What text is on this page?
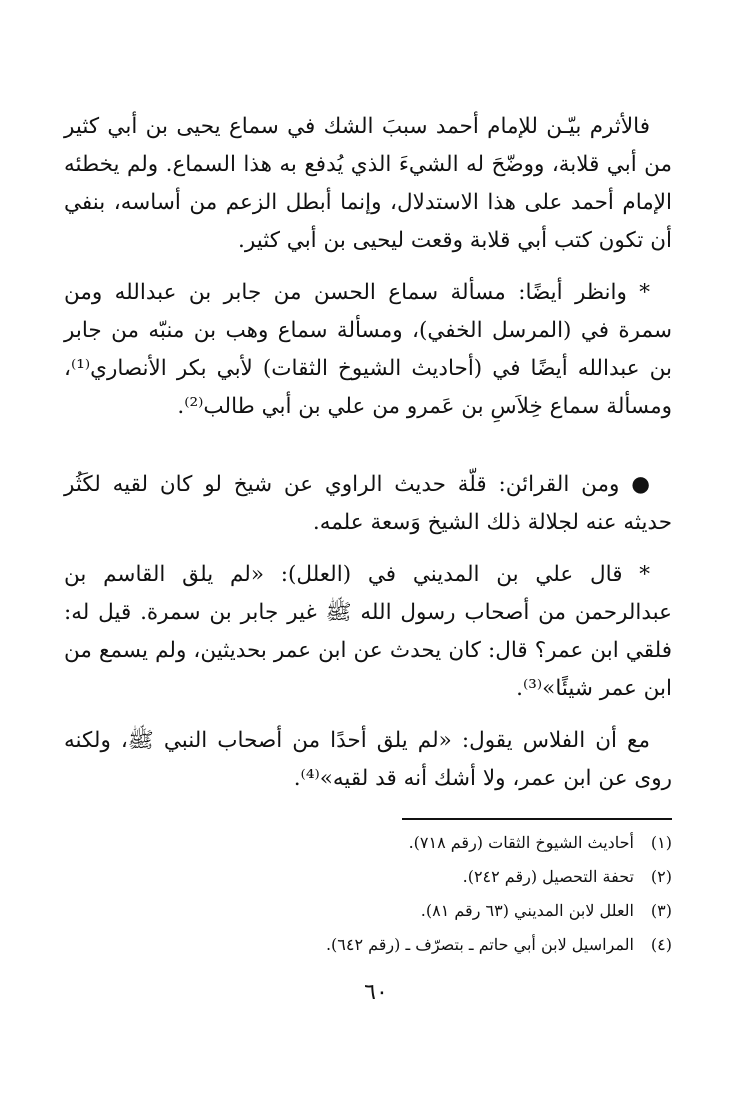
فالأثرم بيّـن للإمام أحمد سببَ الشك في سماع يحيى بن أبي كثير من أبي قلابة، ووضّحَ له الشيءَ الذي يُدفع به هذا السماع. ولم يخطئه الإمام أحمد على هذا الاستدلال، وإنما أبطل الزعم من أساسه، بنفي أن تكون كتب أبي قلابة وقعت ليحيى بن أبي كثير.

* وانظر أيضًا: مسألة سماع الحسن من جابر بن عبدالله ومن سمرة في (المرسل الخفي)، ومسألة سماع وهب بن منبّه من جابر بن عبدالله أيضًا في (أحاديث الشيوخ الثقات) لأبي بكر الأنصاري⁽¹⁾، ومسألة سماع خِلاَسِ بن عَمرو من علي بن أبي طالب⁽²⁾.

● ومن القرائن: قلّة حديث الراوي عن شيخ لو كان لقيه لكَثُر حديثه عنه لجلالة ذلك الشيخ وَسعة علمه.

* قال علي بن المديني في (العلل): «لم يلق القاسم بن عبدالرحمن من أصحاب رسول الله ﷺ غير جابر بن سمرة. قيل له: فلقي ابن عمر؟ قال: كان يحدث عن ابن عمر بحديثين، ولم يسمع من ابن عمر شيئًا»⁽³⁾.

مع أن الفلاس يقول: «لم يلق أحدًا من أصحاب النبي ﷺ، ولكنه روى عن ابن عمر، ولا أشك أنه قد لقيه»⁽⁴⁾.

(١)أحاديث الشيوخ الثقات (رقم ٧١٨).
(٢)تحفة التحصيل (رقم ٢٤٢).
(٣)العلل لابن المديني (٦٣ رقم ٨١).
(٤)المراسيل لابن أبي حاتم ـ بتصرّف ـ (رقم ٦٤٢).
٦٠
